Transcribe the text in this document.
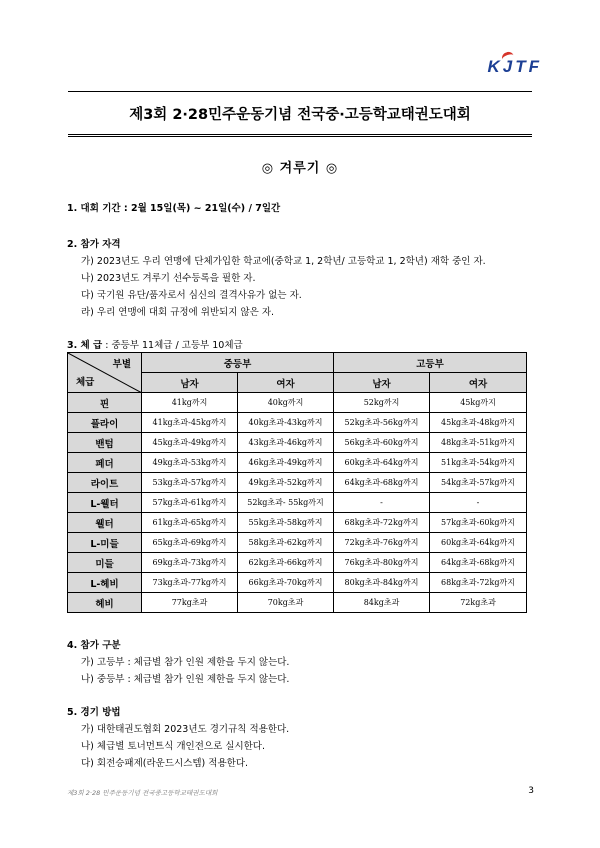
KJTF
제3회 2·28민주운동기념 전국중·고등학교태권도대회
◎ 겨루기 ◎
1. 대회 기간 : 2월 15일(목) ~ 21일(수) / 7일간
2. 참가 자격
가) 2023년도 우리 연맹에 단체가입한 학교에(중학교 1, 2학년/ 고등학교 1, 2학년) 재학 중인 자.
나) 2023년도 겨루기 선수등록을 필한 자.
다) 국기원 유단/품자로서 심신의 결격사유가 없는 자.
라) 우리 연맹에 대회 규정에 위반되지 않은 자.
3. 체 급 : 중등부 11체급 / 고등부 10체급
부별
체급	중등부		고등부	
	남자	여자	남자	여자
핀	41kg까지	40kg까지	52kg까지	45kg까지
플라이	41kg초과-45kg까지	40kg초과-43kg까지	52kg초과-56kg까지	45kg초과-48kg까지
밴텀	45kg초과-49kg까지	43kg초과-46kg까지	56kg초과-60kg까지	48kg초과-51kg까지
페더	49kg초과-53kg까지	46kg초과-49kg까지	60kg초과-64kg까지	51kg초과-54kg까지
라이트	53kg초과-57kg까지	49kg초과-52kg까지	64kg초과-68kg까지	54kg초과-57kg까지
L-웰터	57kg초과-61kg까지	52kg초과- 55kg까지	-	-
웰터	61kg초과-65kg까지	55kg초과-58kg까지	68kg초과-72kg까지	57kg초과-60kg까지
L-미들	65kg초과-69kg까지	58kg초과-62kg까지	72kg초과-76kg까지	60kg초과-64kg까지
미들	69kg초과-73kg까지	62kg초과-66kg까지	76kg초과-80kg까지	64kg초과-68kg까지
L-헤비	73kg초과-77kg까지	66kg초과-70kg까지	80kg초과-84kg까지	68kg초과-72kg까지
헤비	77kg초과	70kg초과	84kg초과	72kg초과
4. 참가 구분
가) 고등부 : 체급별 참가 인원 제한을 두지 않는다.
나) 중등부 : 체급별 참가 인원 제한을 두지 않는다.
5. 경기 방법
가) 대한태권도협회 2023년도 경기규칙 적용한다.
나) 체급별 토너먼트식 개인전으로 실시한다.
다) 회전승패제(라운드시스템) 적용한다.
제3회 2·28 민주운동기념 전국중고등학교태권도대회	3
